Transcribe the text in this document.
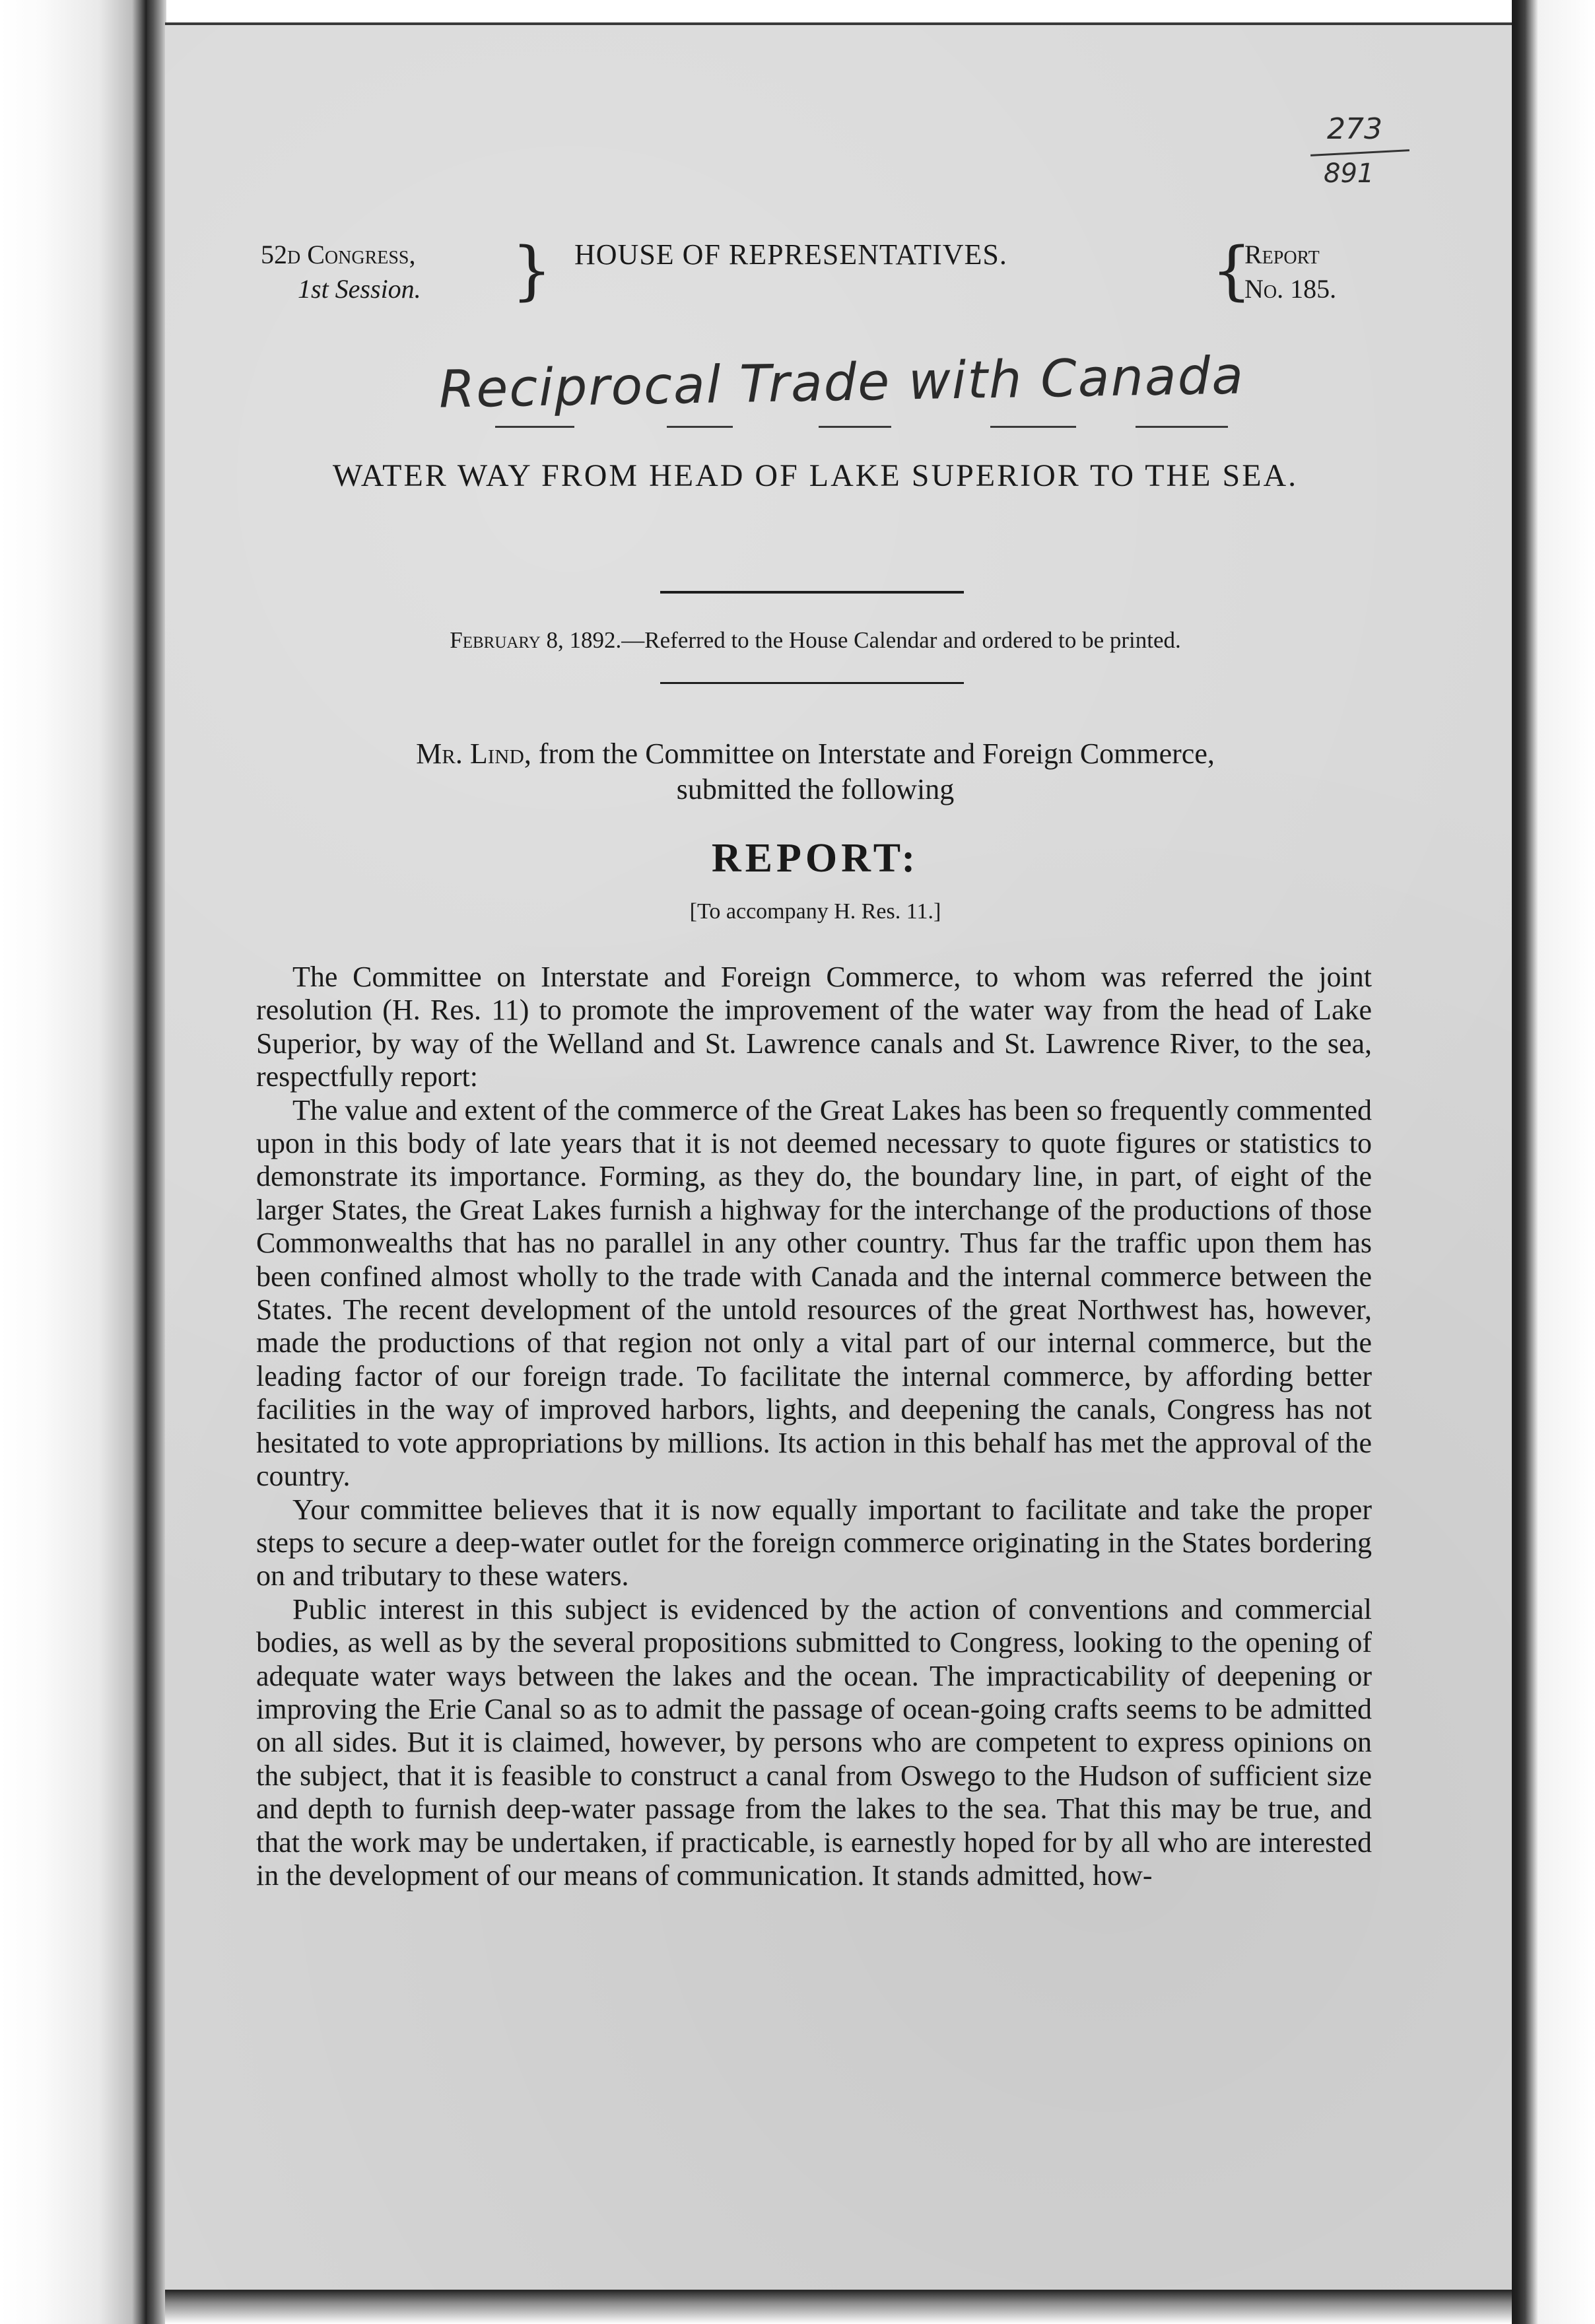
273
891
Reciprocal Trade with Canada
52d Congress,
1st Session. } HOUSE OF REPRESENTATIVES.	{
Report
No. 185.
WATER WAY FROM HEAD OF LAKE SUPERIOR TO THE SEA.
February 8, 1892.—Referred to the House Calendar and ordered to be printed.
Mr. Lind, from the Committee on Interstate and Foreign Commerce,
submitted the following
REPORT:
[To accompany H. Res. 11.]

The Committee on Interstate and Foreign Commerce, to whom was referred the joint resolution (H. Res. 11) to promote the improvement of the water way from the head of Lake Superior, by way of the Welland and St. Lawrence canals and St. Lawrence River, to the sea, respectfully report:

The value and extent of the commerce of the Great Lakes has been so frequently commented upon in this body of late years that it is not deemed necessary to quote figures or statistics to demonstrate its importance. Forming, as they do, the boundary line, in part, of eight of the larger States, the Great Lakes furnish a highway for the interchange of the productions of those Commonwealths that has no parallel in any other country. Thus far the traffic upon them has been confined almost wholly to the trade with Canada and the internal commerce between the States. The recent development of the untold resources of the great Northwest has, however, made the productions of that region not only a vital part of our internal commerce, but the leading factor of our foreign trade. To facilitate the internal commerce, by affording better facilities in the way of improved harbors, lights, and deepening the canals, Congress has not hesitated to vote appropriations by millions. Its action in this behalf has met the approval of the country.

Your committee believes that it is now equally important to facilitate and take the proper steps to secure a deep-water outlet for the foreign commerce originating in the States bordering on and tributary to these waters.

Public interest in this subject is evidenced by the action of conventions and commercial bodies, as well as by the several propositions submitted to Congress, looking to the opening of adequate water ways between the lakes and the ocean. The impracticability of deepening or improving the Erie Canal so as to admit the passage of ocean-going crafts seems to be admitted on all sides. But it is claimed, however, by persons who are competent to express opinions on the subject, that it is feasible to construct a canal from Oswego to the Hudson of sufficient size and depth to furnish deep-water passage from the lakes to the sea. That this may be true, and that the work may be undertaken, if practicable, is earnestly hoped for by all who are interested in the development of our means of communication. It stands admitted, how-
